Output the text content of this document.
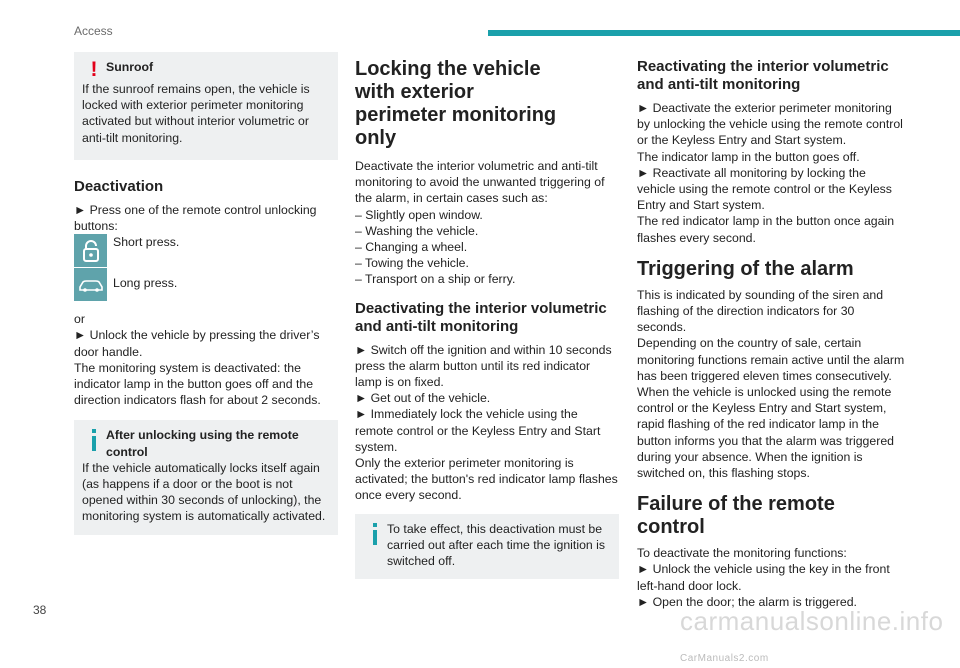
Access
! Sunroof

If the sunroof remains open, the vehicle is locked with exterior perimeter monitoring activated but without interior volumetric or anti-tilt monitoring.

Deactivation

► Press one of the remote control unlocking buttons:

Short press.
Long press.

or

► Unlock the vehicle by pressing the driver’s door handle.

The monitoring system is deactivated: the indicator lamp in the button goes off and the direction indicators flash for about 2 seconds.

After unlocking using the remote control

If the vehicle automatically locks itself again (as happens if a door or the boot is not opened within 30 seconds of unlocking), the monitoring system is automatically activated.

Locking the vehicle with exterior perimeter monitoring only

Deactivate the interior volumetric and anti-tilt monitoring to avoid the unwanted triggering of the alarm, in certain cases such as:

– Slightly open window.

– Washing the vehicle.

– Changing a wheel.

– Towing the vehicle.

– Transport on a ship or ferry.

Deactivating the interior volumetric and anti-tilt monitoring

► Switch off the ignition and within 10 seconds press the alarm button until its red indicator lamp is on fixed.

► Get out of the vehicle.

► Immediately lock the vehicle using the remote control or the Keyless Entry and Start system.

Only the exterior perimeter monitoring is activated; the button's red indicator lamp flashes once every second.

To take effect, this deactivation must be carried out after each time the ignition is switched off.

Reactivating the interior volumetric and anti-tilt monitoring

► Deactivate the exterior perimeter monitoring by unlocking the vehicle using the remote control or the Keyless Entry and Start system.

The indicator lamp in the button goes off.

► Reactivate all monitoring by locking the vehicle using the remote control or the Keyless Entry and Start system.

The red indicator lamp in the button once again flashes every second.

Triggering of the alarm

This is indicated by sounding of the siren and flashing of the direction indicators for 30 seconds.

Depending on the country of sale, certain monitoring functions remain active until the alarm has been triggered eleven times consecutively.

When the vehicle is unlocked using the remote control or the Keyless Entry and Start system, rapid flashing of the red indicator lamp in the button informs you that the alarm was triggered during your absence. When the ignition is switched on, this flashing stops.

Failure of the remote control

To deactivate the monitoring functions:

► Unlock the vehicle using the key in the front left-hand door lock.

► Open the door; the alarm is triggered.

38	carmanualsonline.info CarManuals2.com
